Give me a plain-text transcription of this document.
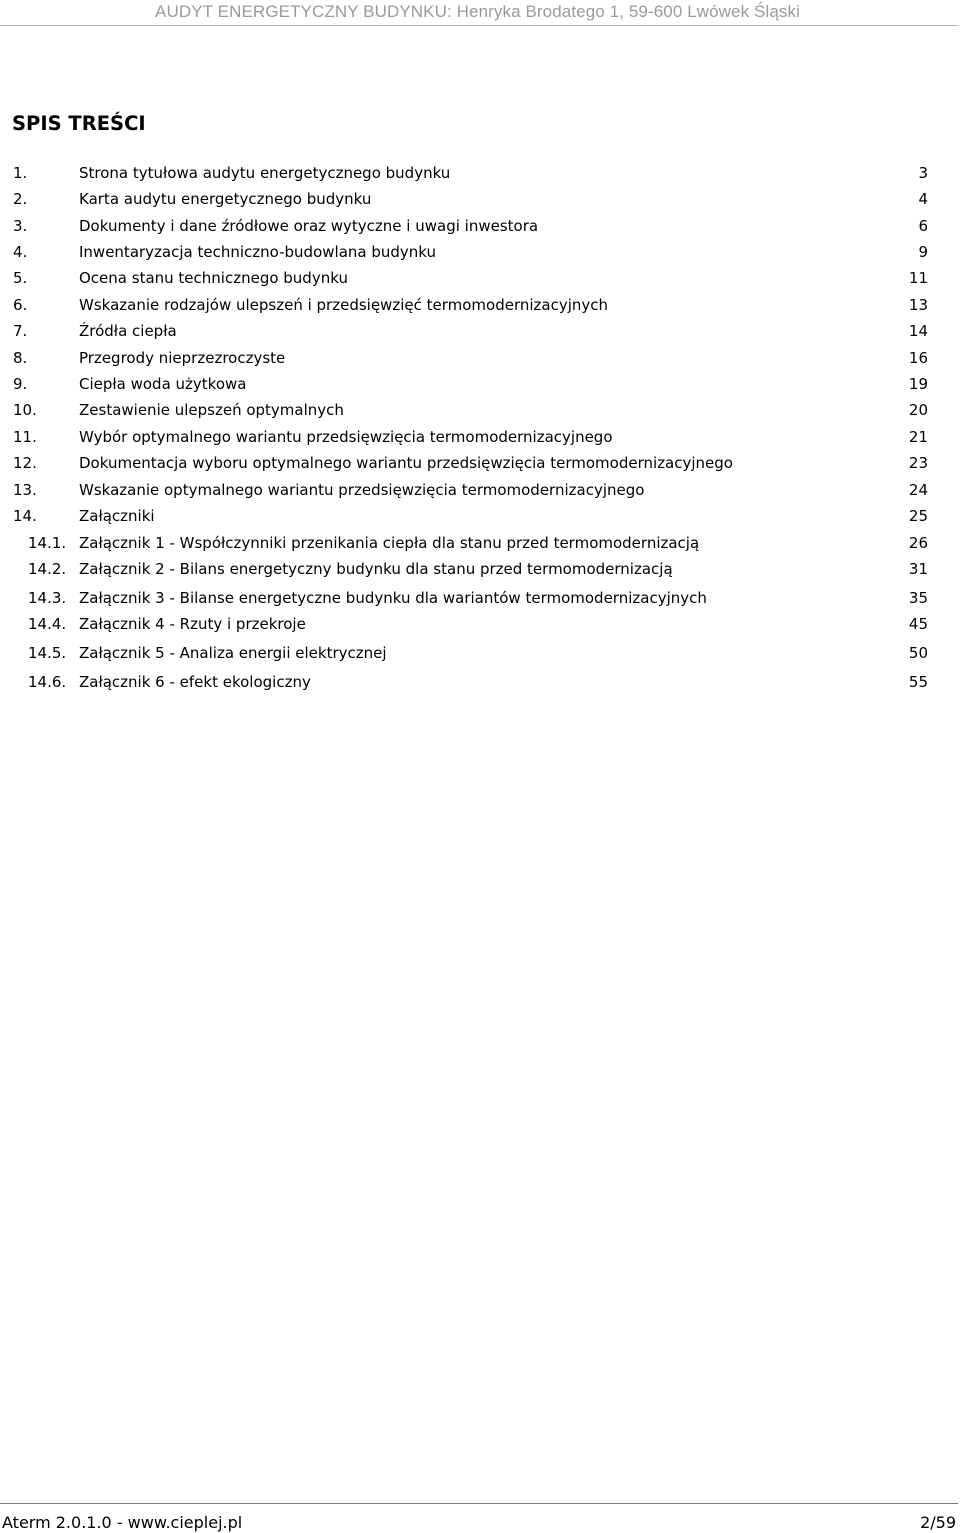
AUDYT ENERGETYCZNY BUDYNKU: Henryka Brodatego 1, 59-600 Lwówek Śląski
SPIS TREŚCI
1.	Strona tytułowa audytu energetycznego budynku	3
2.	Karta audytu energetycznego budynku	4
3.	Dokumenty i dane źródłowe oraz wytyczne i uwagi inwestora	6
4.	Inwentaryzacja techniczno-budowlana budynku	9
5.	Ocena stanu technicznego budynku	11
6.	Wskazanie rodzajów ulepszeń i przedsięwzięć termomodernizacyjnych	13
7.	Źródła ciepła	14
8.	Przegrody nieprzezroczyste	16
9.	Ciepła woda użytkowa	19
10.	Zestawienie ulepszeń optymalnych	20
11.	Wybór optymalnego wariantu przedsięwzięcia termomodernizacyjnego	21
12.	Dokumentacja wyboru optymalnego wariantu przedsięwzięcia termomodernizacyjnego	23
13.	Wskazanie optymalnego wariantu przedsięwzięcia termomodernizacyjnego	24
14.	Załączniki	25
14.1. Załącznik 1 - Współczynniki przenikania ciepła dla stanu przed termomodernizacją	26
14.2. Załącznik 2 - Bilans energetyczny budynku dla stanu przed termomodernizacją	31
14.3. Załącznik 3 - Bilanse energetyczne budynku dla wariantów termomodernizacyjnych	35
14.4. Załącznik 4 - Rzuty i przekroje	45
14.5. Załącznik 5 - Analiza energii elektrycznej	50
14.6. Załącznik 6 - efekt ekologiczny	55
Aterm 2.0.1.0 - www.cieplej.pl	2/59
